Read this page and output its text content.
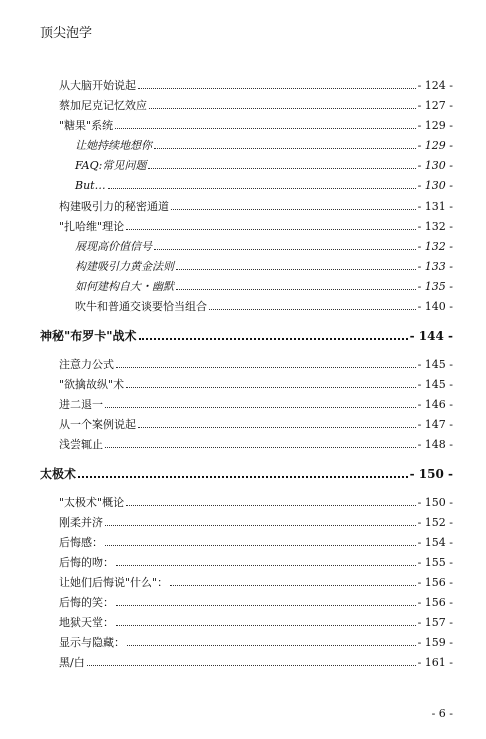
顶尖泡学
从大脑开始说起	- 124 -
蔡加尼克记忆效应	- 127 -
"糖果"系统	- 129 -
让她持续地想你	- 129 -
FAQ:常见问题	- 130 -
But…	- 130 -
构建吸引力的秘密通道	- 131 -
"扎哈维"理论	- 132 -
展现高价值信号	- 132 -
构建吸引力黄金法则	- 133 -
如何建构自大・幽默	- 135 -
吹牛和普通交谈要恰当组合	- 140 -
神秘"布罗卡"战术	- 144 -
注意力公式	- 145 -
"欲擒故纵"术	- 145 -
进二退一	- 146 -
从一个案例说起	- 147 -
浅尝辄止	- 148 -
太极术	- 150 -
"太极术"概论	- 150 -
刚柔并济	- 152 -
后悔感：	- 154 -
后悔的吻：	- 155 -
让她们后悔说"什么"：	- 156 -
后悔的笑：	- 156 -
地狱天堂：	- 157 -
显示与隐藏：	- 159 -
黑/白	- 161 -
- 6 -
